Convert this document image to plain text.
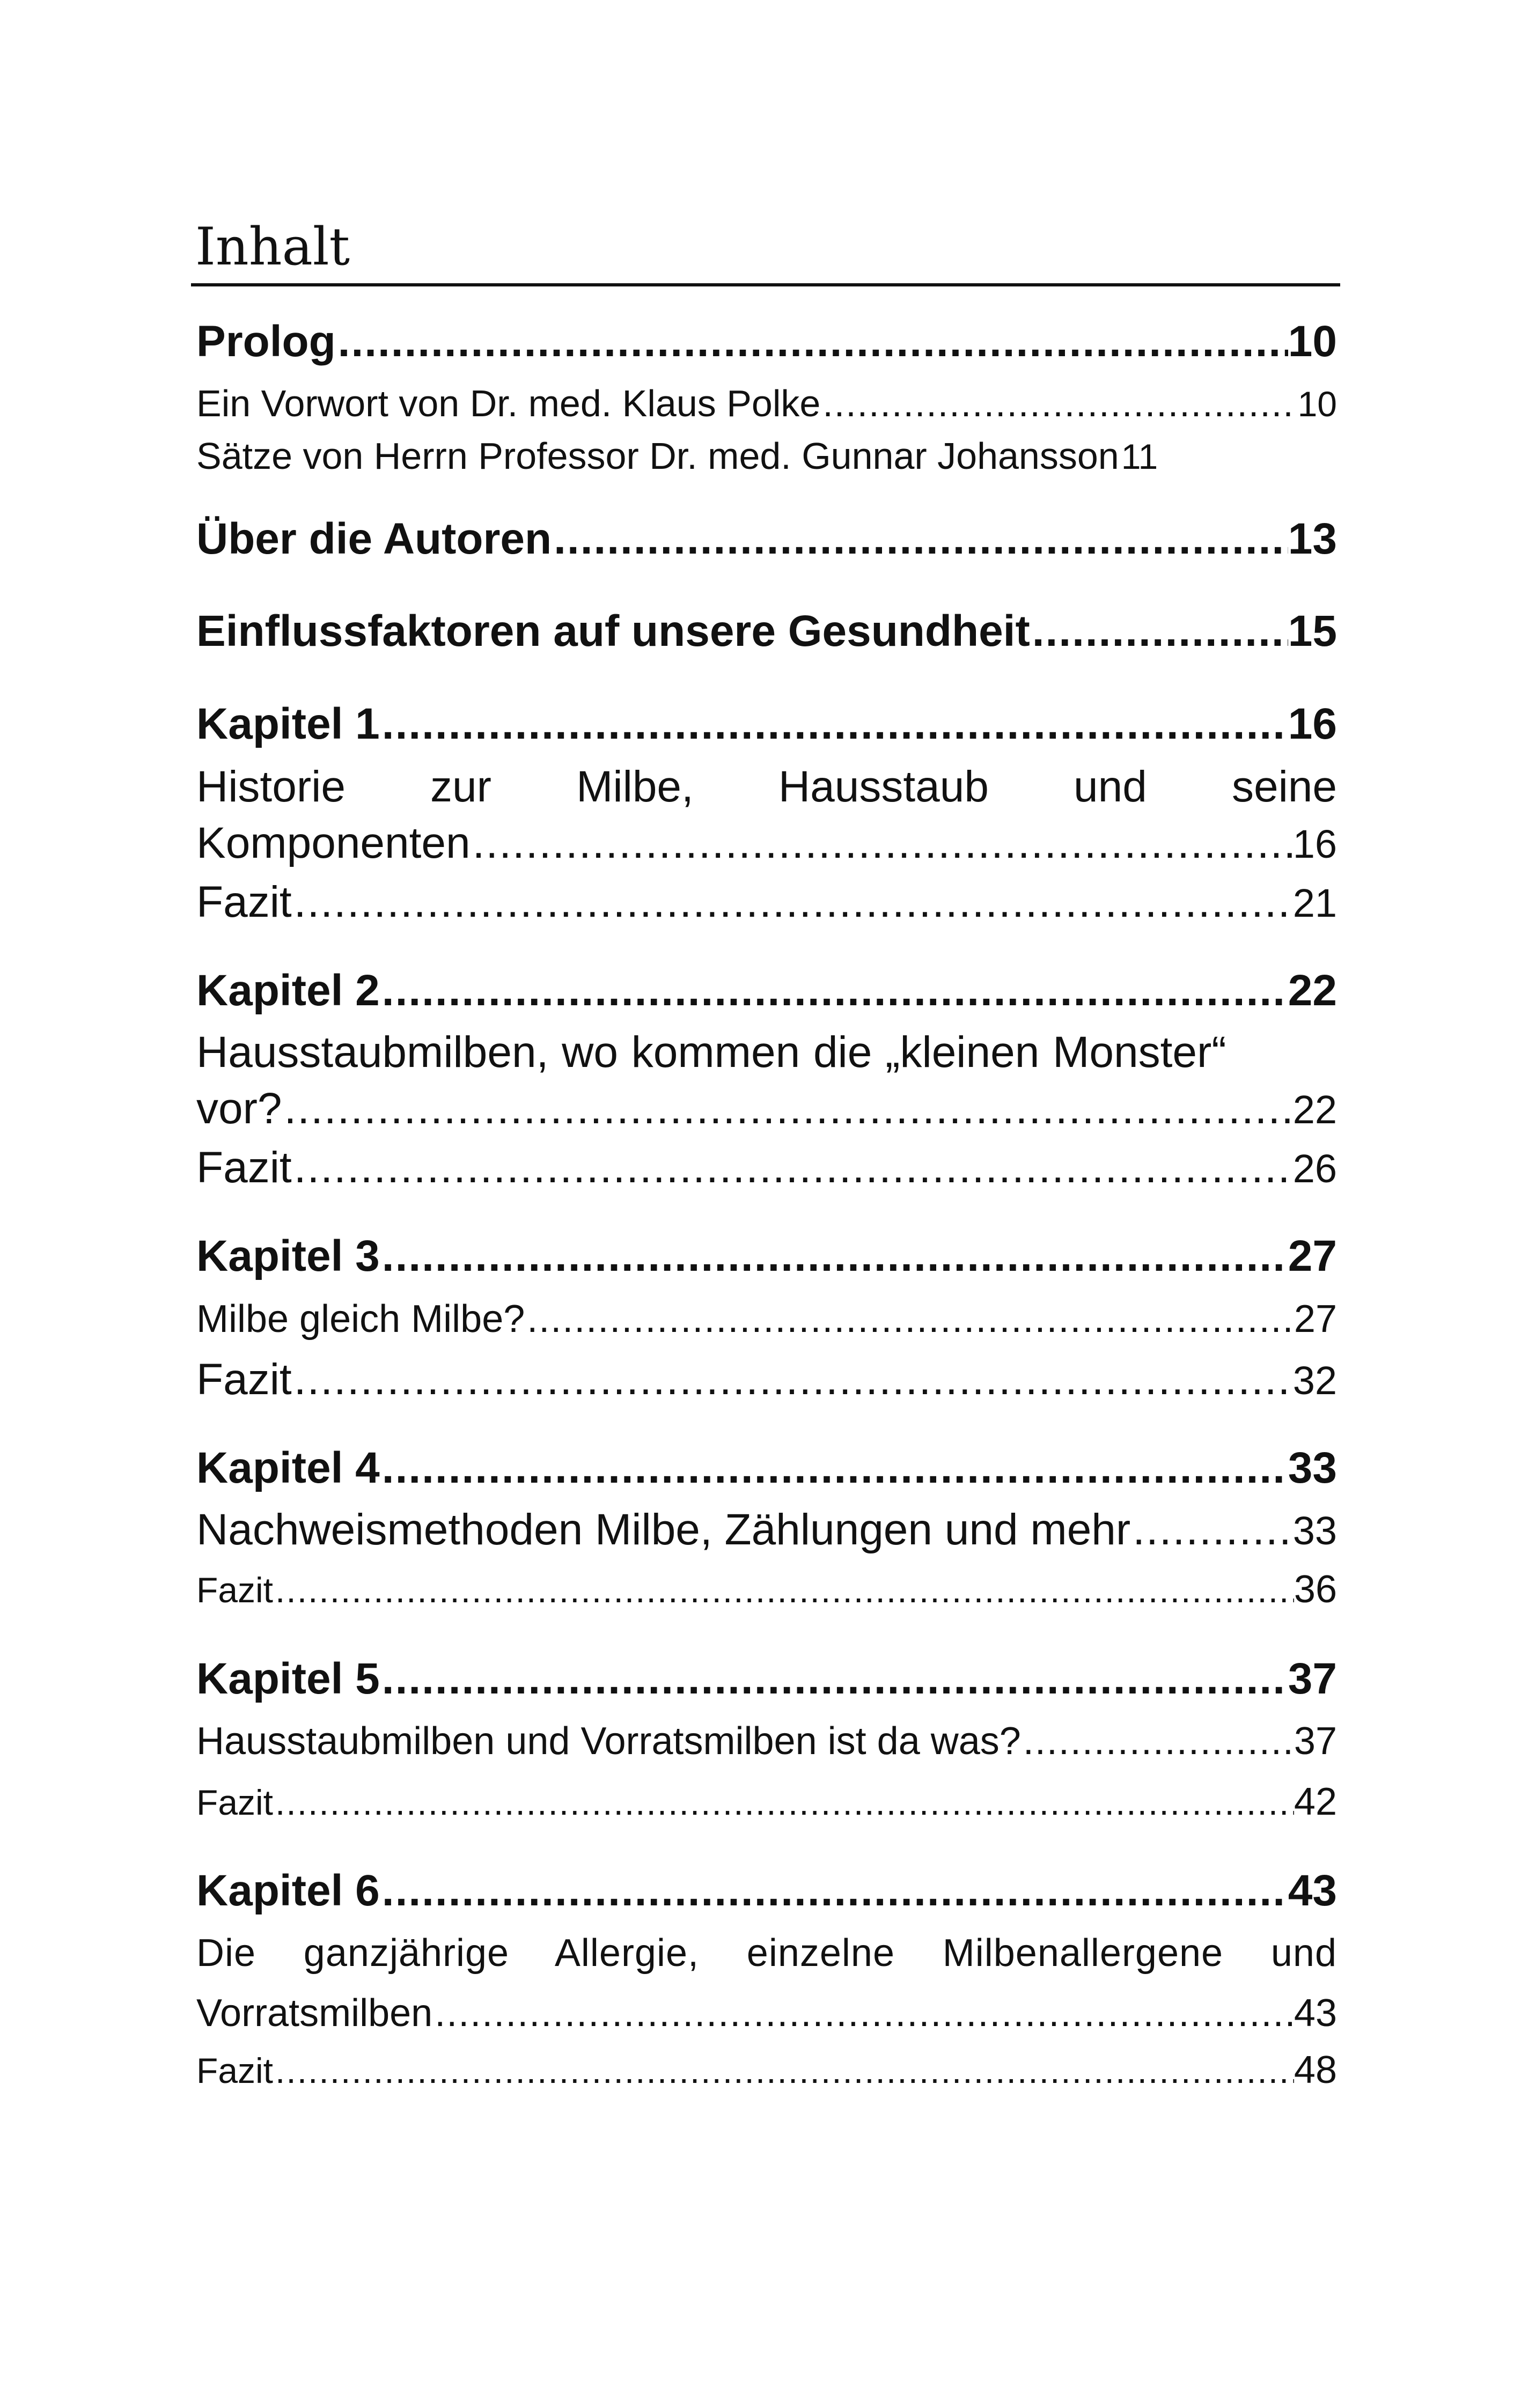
Inhalt
Prolog .....	10
Ein Vorwort von Dr. med. Klaus Polke .....	10
Sätze von Herrn Professor Dr. med. Gunnar Johansson ..... 11
Über die Autoren .....	13
Einflussfaktoren auf unsere Gesundheit .....	15
Kapitel 1 .....	16
Historie zur Milbe, Hausstaub und seine
Komponenten .....	16
Fazit .....	21
Kapitel 2 .....	22
Hausstaubmilben, wo kommen die „kleinen Monster“
vor? .....	22
Fazit .....	26
Kapitel 3 .....	27
Milbe gleich Milbe? .....	27
Fazit .....	32
Kapitel 4 .....	33
Nachweismethoden Milbe, Zählungen und mehr .....	33
Fazit .....	36
Kapitel 5 .....	37
Hausstaubmilben und Vorratsmilben ist da was? .....	37
Fazit .....	42
Kapitel 6 .....	43
Die ganzjährige Allergie, einzelne Milbenallergene und
Vorratsmilben .....	43
Fazit .....	48
